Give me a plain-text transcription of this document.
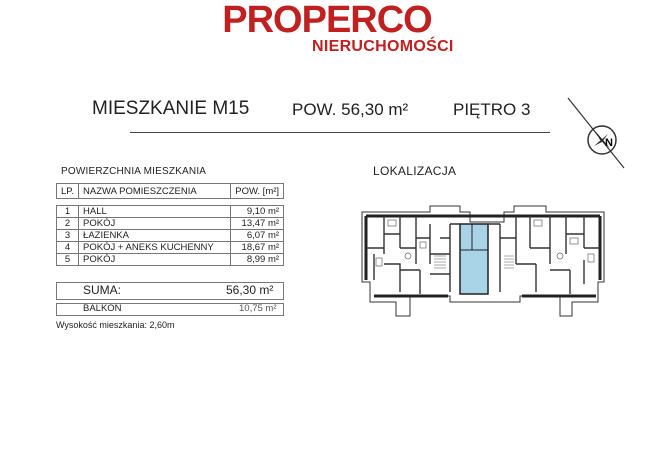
PROPERCO
NIERUCHOMOŚCI
MIESZKANIE M15	POW. 56,30 m²	PIĘTRO 3
N
POWIERZCHNIA MIESZKANIA	LOKALIZACJA
LP.	NAZWA POMIESZCZENIA	POW. [m²]

1	HALL	9,10 m²
2	POKÓJ	13,47 m²
3	ŁAZIENKA	6,07 m²
4	POKÓJ + ANEKS KUCHENNY	18,67 m²
5	POKÓJ	8,99 m²
SUMA:	56,30 m²
BALKON	10,75 m²
Wysokość mieszkania: 2,60m
